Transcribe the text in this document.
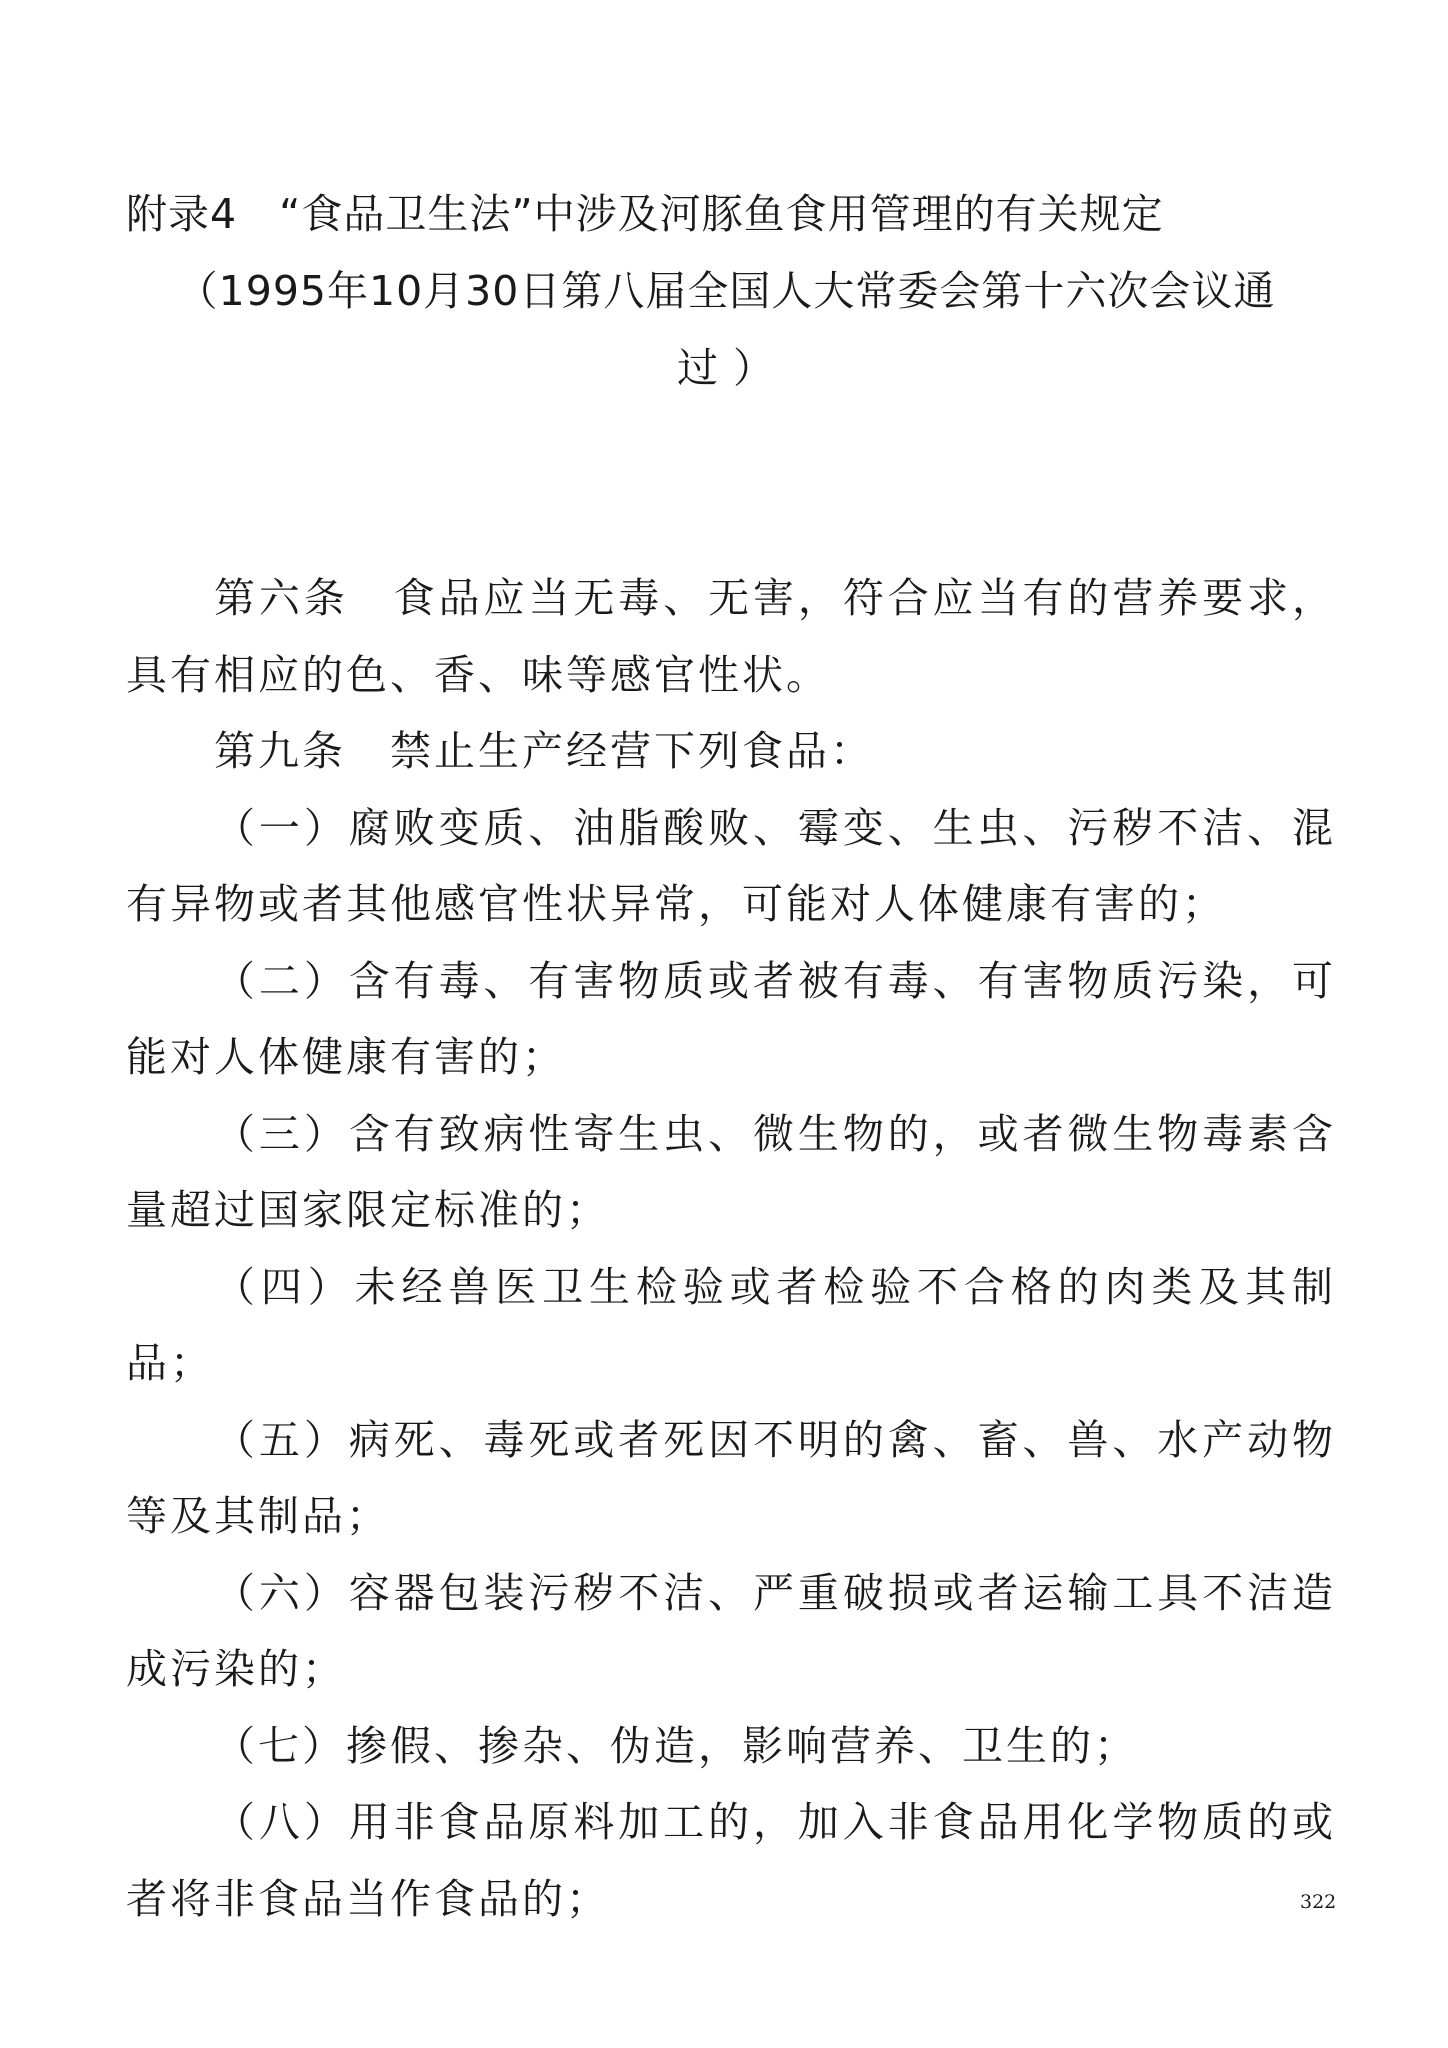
附录4　“食品卫生法”中涉及河豚鱼食用管理的有关规定
（1995年10月30日第八届全国人大常委会第十六次会议通
过 ）

第六条　食品应当无毒、无害，符合应当有的营养要求，具有相应的色、香、味等感官性状。

第九条　禁止生产经营下列食品：

（一）腐败变质、油脂酸败、霉变、生虫、污秽不洁、混有异物或者其他感官性状异常，可能对人体健康有害的；

（二）含有毒、有害物质或者被有毒、有害物质污染，可能对人体健康有害的；

（三）含有致病性寄生虫、微生物的，或者微生物毒素含量超过国家限定标准的；

（四）未经兽医卫生检验或者检验不合格的肉类及其制品；

（五）病死、毒死或者死因不明的禽、畜、兽、水产动物等及其制品；

（六）容器包装污秽不洁、严重破损或者运输工具不洁造成污染的；

（七）掺假、掺杂、伪造，影响营养、卫生的；

（八）用非食品原料加工的，加入非食品用化学物质的或者将非食品当作食品的；	322
